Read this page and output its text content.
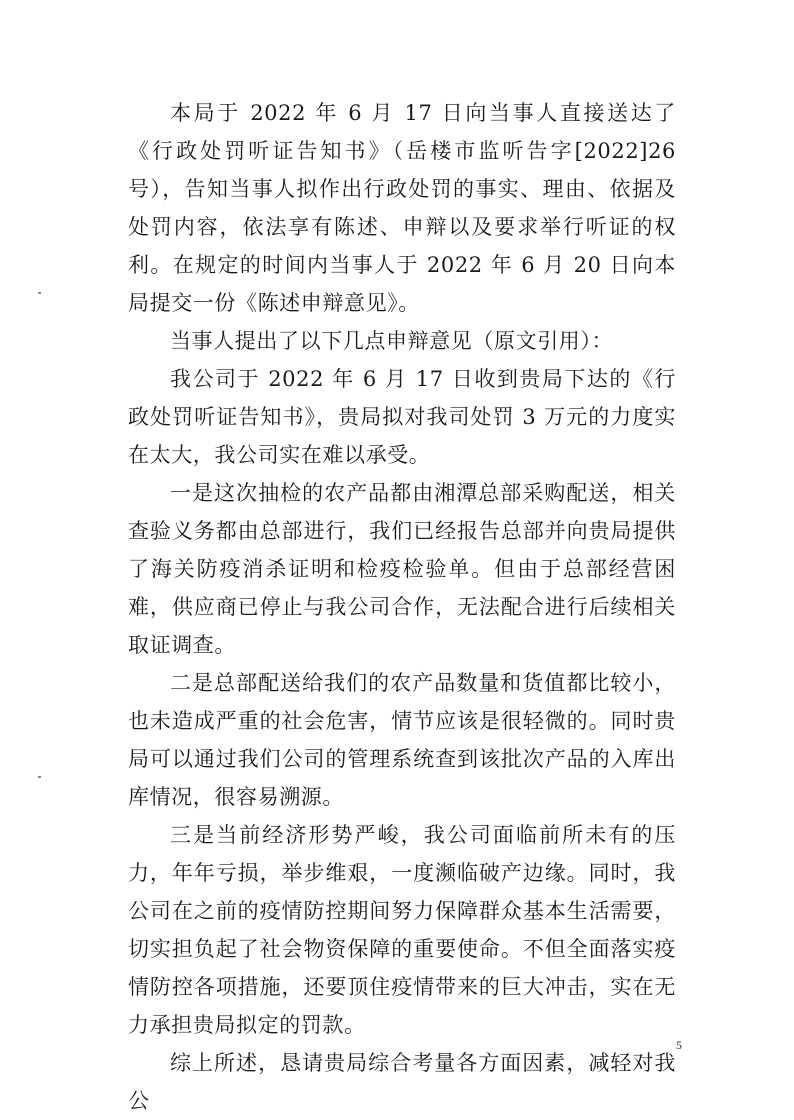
本局于 2022 年 6 月 17 日向当事人直接送达了《行政处罚听证告知书》（岳楼市监听告字[2022]26 号），告知当事人拟作出行政处罚的事实、理由、依据及处罚内容，依法享有陈述、申辩以及要求举行听证的权利。在规定的时间内当事人于 2022 年 6 月 20 日向本局提交一份《陈述申辩意见》。

当事人提出了以下几点申辩意见（原文引用）：

我公司于 2022 年 6 月 17 日收到贵局下达的《行政处罚听证告知书》，贵局拟对我司处罚 3 万元的力度实在太大，我公司实在难以承受。

一是这次抽检的农产品都由湘潭总部采购配送，相关查验义务都由总部进行，我们已经报告总部并向贵局提供了海关防疫消杀证明和检疫检验单。但由于总部经营困难，供应商已停止与我公司合作，无法配合进行后续相关取证调查。

二是总部配送给我们的农产品数量和货值都比较小，也未造成严重的社会危害，情节应该是很轻微的。同时贵局可以通过我们公司的管理系统查到该批次产品的入库出库情况，很容易溯源。

三是当前经济形势严峻，我公司面临前所未有的压力，年年亏损，举步维艰，一度濒临破产边缘。同时，我公司在之前的疫情防控期间努力保障群众基本生活需要，切实担负起了社会物资保障的重要使命。不但全面落实疫情防控各项措施，还要顶住疫情带来的巨大冲击，实在无力承担贵局拟定的罚款。

综上所述，恳请贵局综合考量各方面因素，减轻对我公

5
